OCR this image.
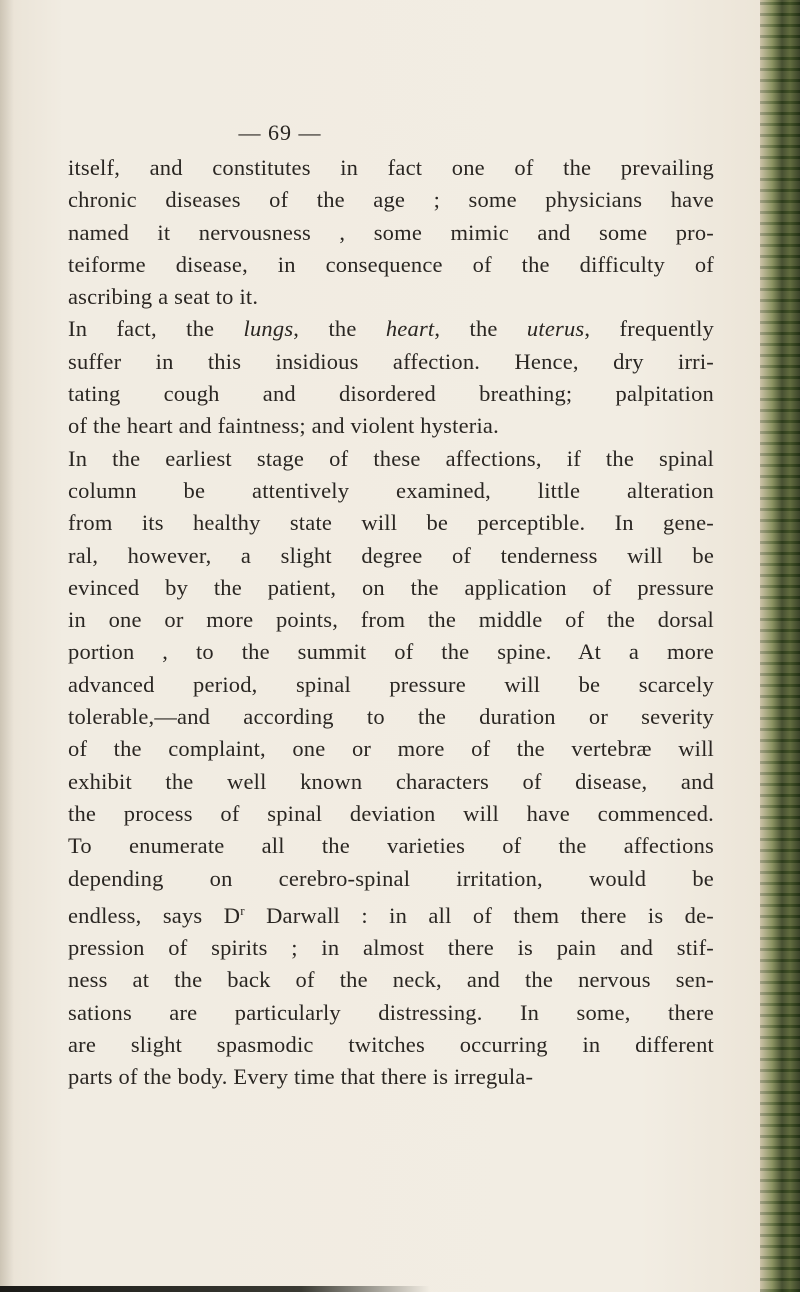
— 69 —
itself, and constitutes in fact one of the prevailing
chronic diseases of the age ; some physicians have
named it nervousness , some mimic and some pro-
teiforme disease, in consequence of the difficulty of
ascribing a seat to it.
In fact, the lungs, the heart, the uterus, frequently
suffer in this insidious affection. Hence, dry irri-
tating cough and disordered breathing; palpitation
of the heart and faintness; and violent hysteria.
In the earliest stage of these affections, if the spinal
column be attentively examined, little alteration
from its healthy state will be perceptible. In gene-
ral, however, a slight degree of tenderness will be
evinced by the patient, on the application of pressure
in one or more points, from the middle of the dorsal
portion , to the summit of the spine. At a more
advanced period, spinal pressure will be scarcely
tolerable,—and according to the duration or severity
of the complaint, one or more of the vertebræ will
exhibit the well known characters of disease, and
the process of spinal deviation will have commenced.
To enumerate all the varieties of the affections
depending on cerebro-spinal irritation, would be
endless, says $D^r$ Darwall : in all of them there is de-
pression of spirits ; in almost there is pain and stif-
ness at the back of the neck, and the nervous sen-
sations are particularly distressing. In some, there
are slight spasmodic twitches occurring in different
parts of the body. Every time that there is irregula-
